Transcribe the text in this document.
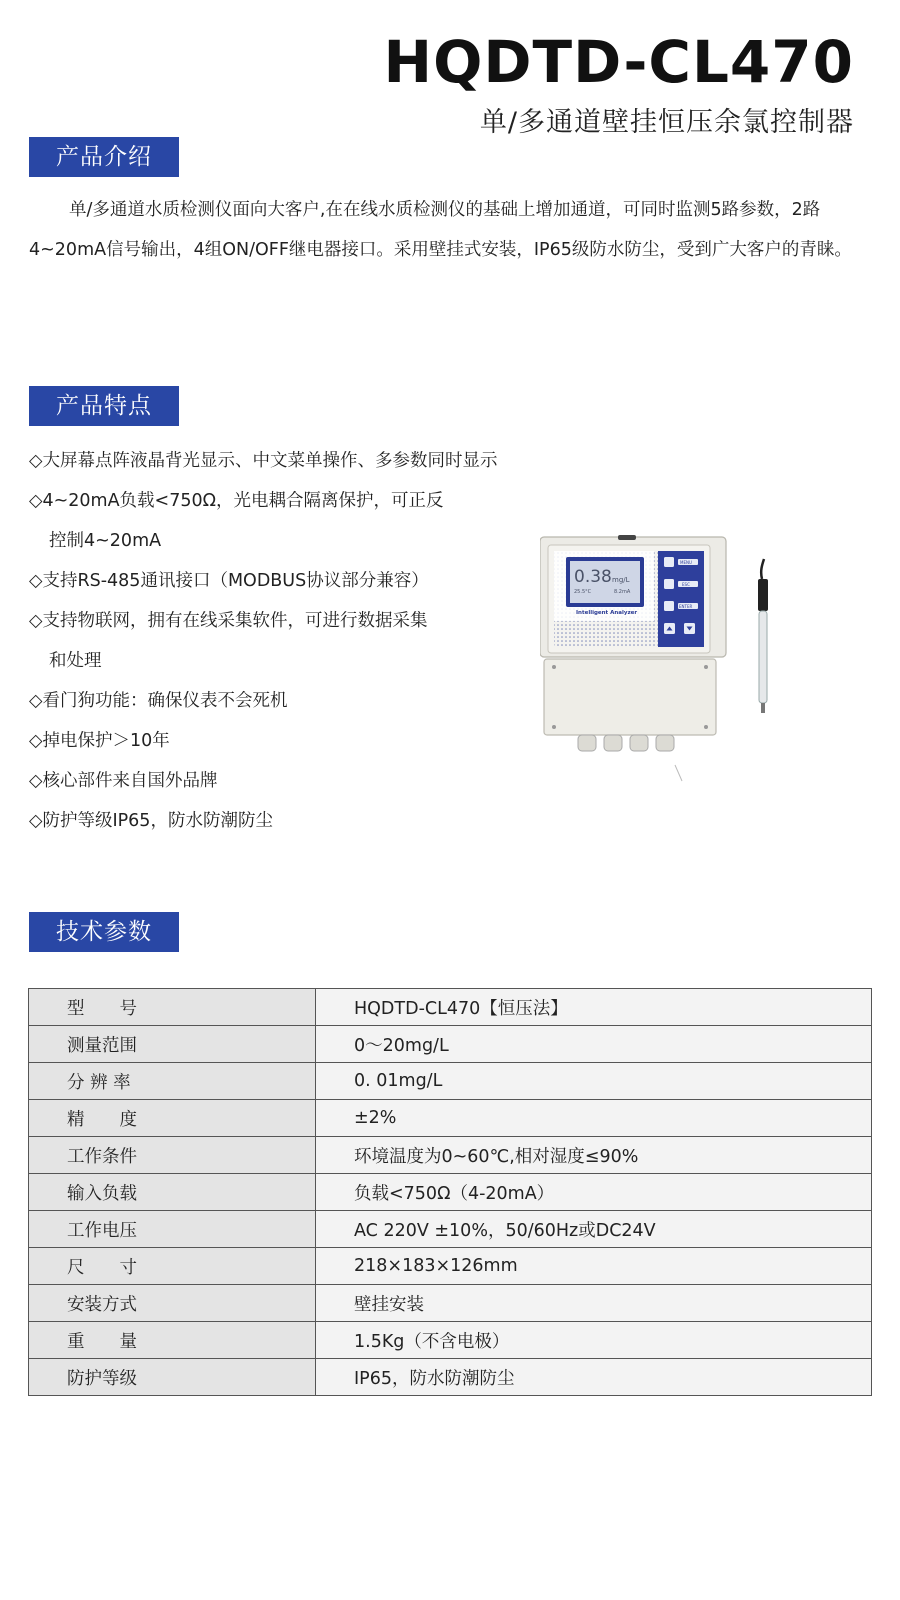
HQDTD-CL470
单/多通道壁挂恒压余氯控制器
产品介绍
单/多通道水质检测仪面向大客户,在在线水质检测仪的基础上增加通道，可同时监测5路参数，2路4~20mA信号输出，4组ON/OFF继电器接口。采用壁挂式安装，IP65级防水防尘，受到广大客户的青睐。
产品特点
◇大屏幕点阵液晶背光显示、中文菜单操作、多参数同时显示
◇4~20mA负载<750Ω，光电耦合隔离保护，可正反
控制4~20mA
◇支持RS-485通讯接口（MODBUS协议部分兼容）
◇支持物联网，拥有在线采集软件，可进行数据采集
和处理
◇看门狗功能：确保仪表不会死机
◇掉电保护＞10年
◇核心部件来自国外品牌
◇防护等级IP65，防水防潮防尘
0.38 mg/L
25.5°C	8.2mA
Intelligent Analyzer
MENU
ESC
ENTER
技术参数
型　　号	HQDTD-CL470【恒压法】
测量范围	0～20mg/L
分 辨 率	0. 01mg/L
精　　度	±2%
工作条件	环境温度为0~60℃,相对湿度≤90%
输入负载	负载<750Ω（4-20mA）
工作电压	AC 220V ±10%，50/60Hz或DC24V
尺　　寸	218×183×126mm
安装方式	壁挂安装
重　　量	1.5Kg（不含电极）
防护等级	IP65，防水防潮防尘
